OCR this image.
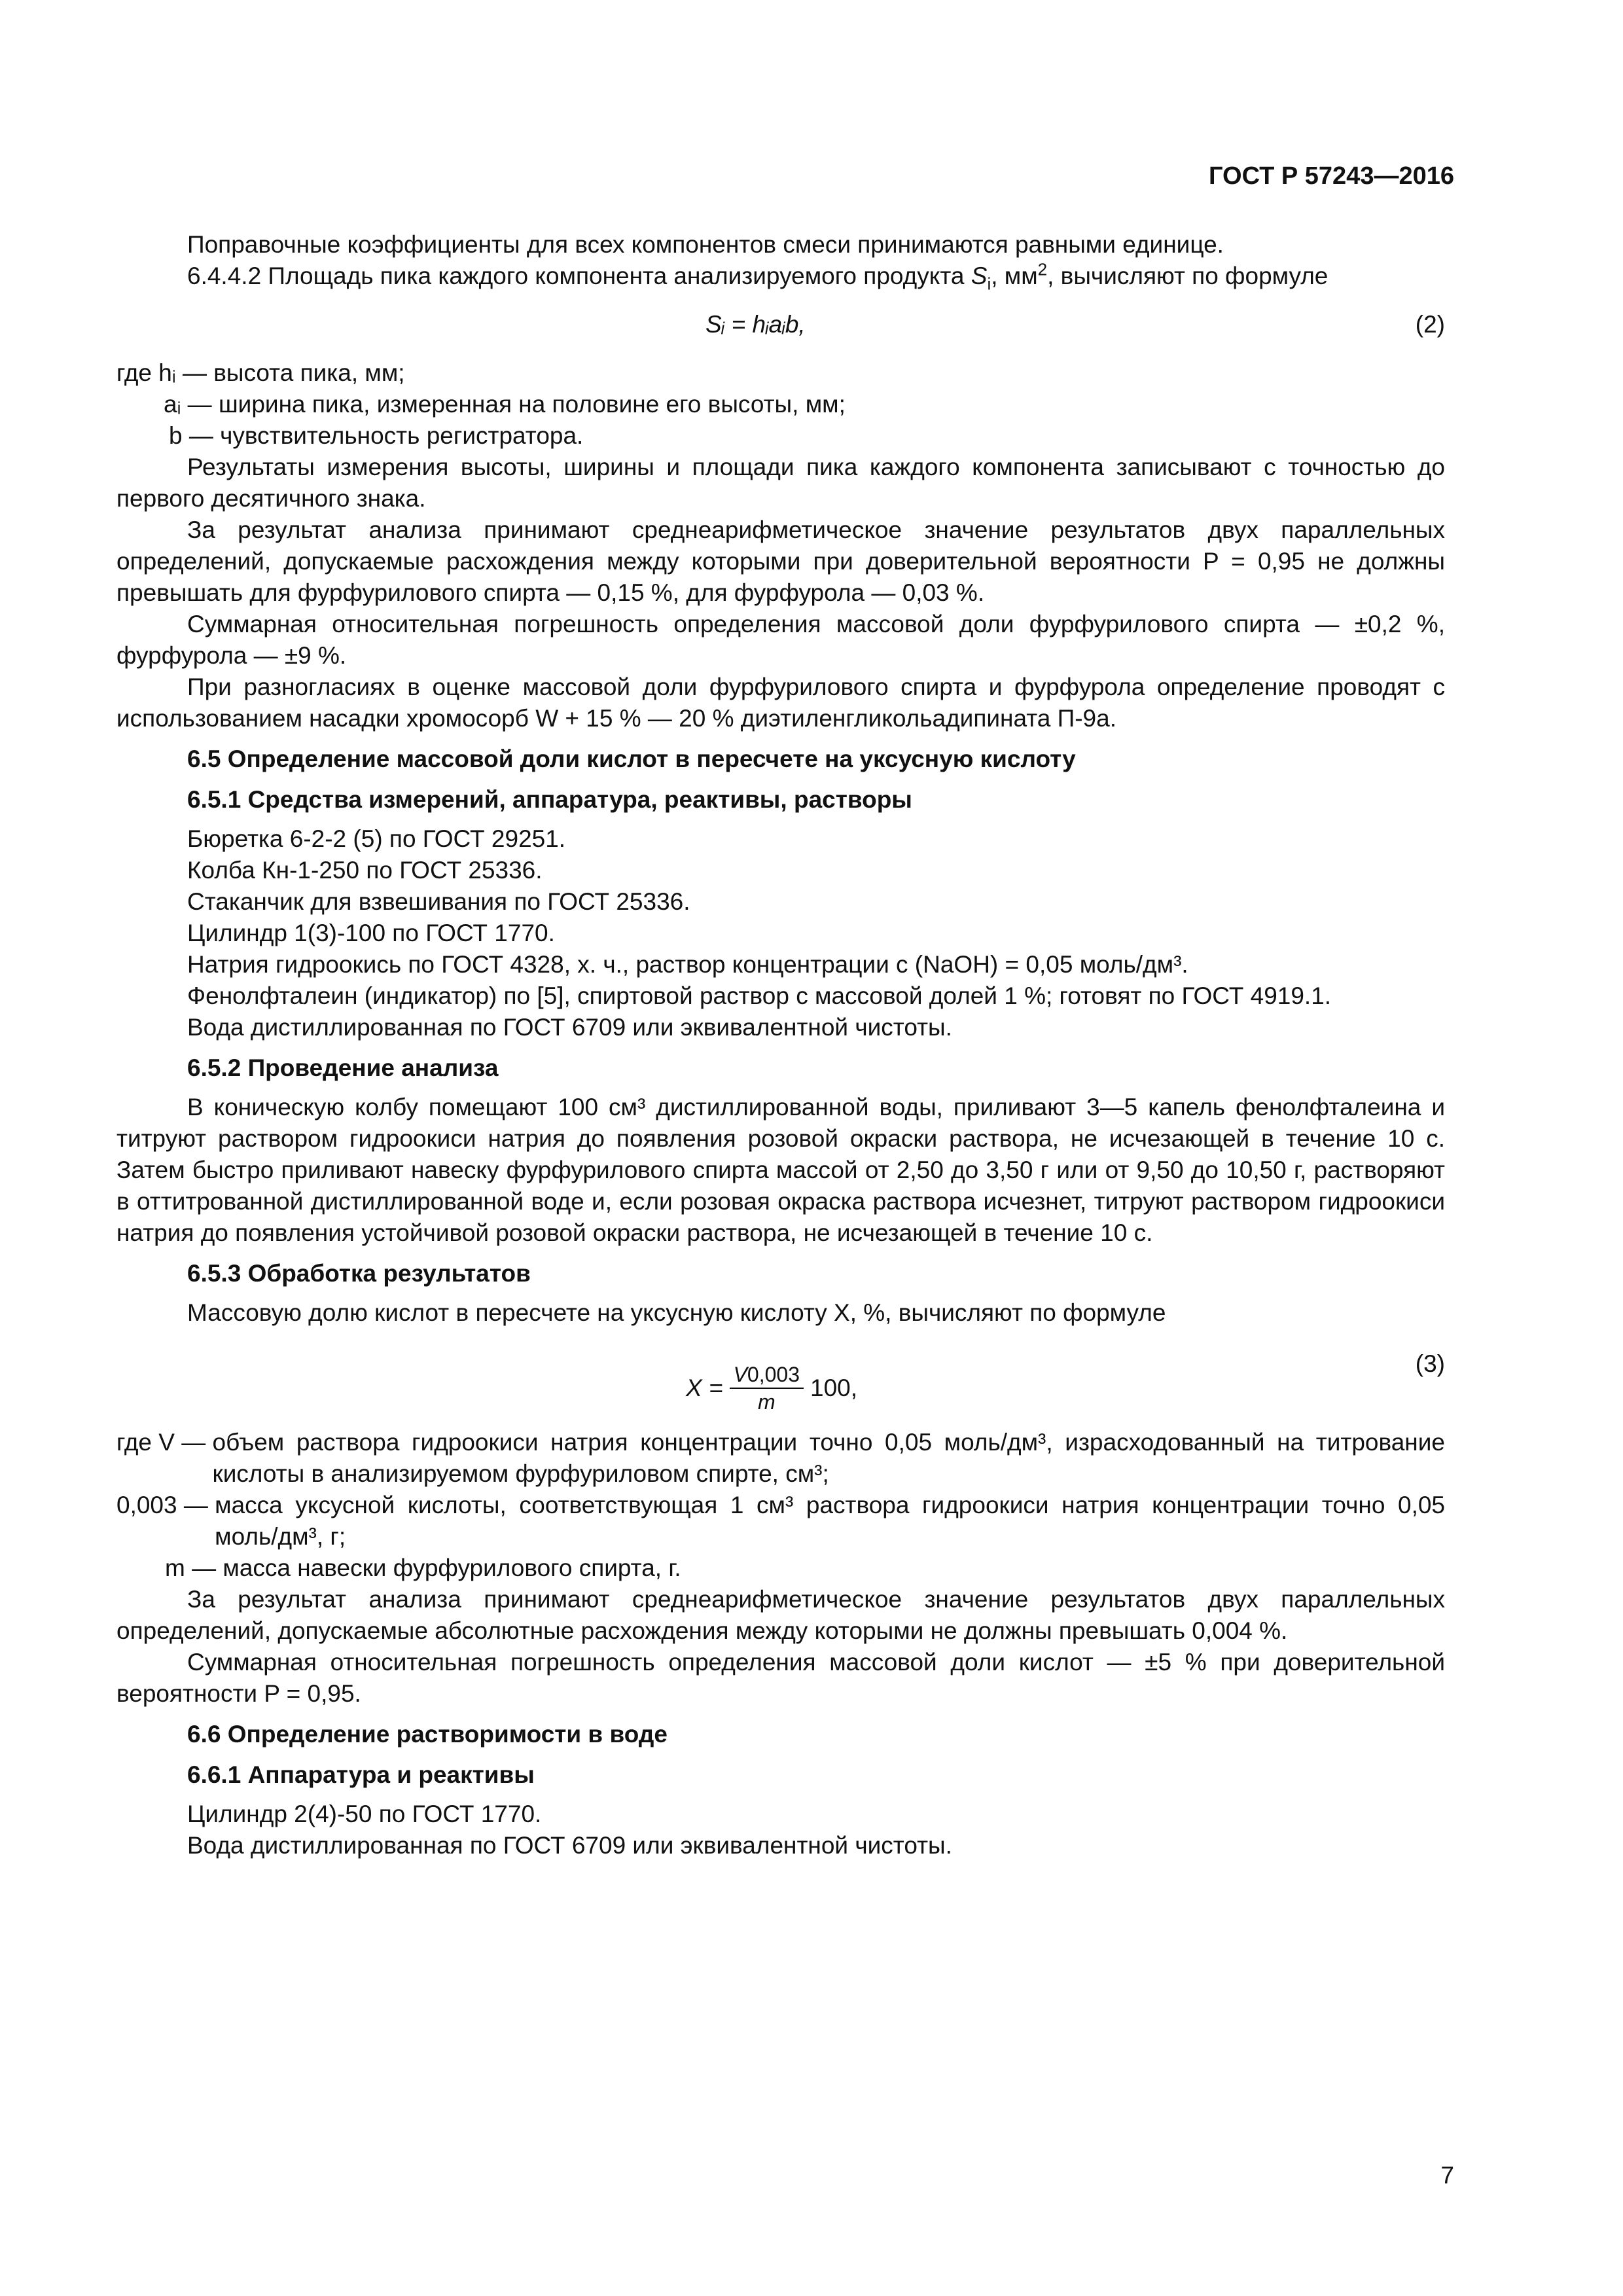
ГОСТ Р 57243—2016

Поправочные коэффициенты для всех компонентов смеси принимаются равными единице.

6.4.4.2 Площадь пика каждого компонента анализируемого продукта $S_i$, $мм^2$, вычисляют по формуле

Sᵢ = hᵢaᵢb,	(2)
где hᵢ —
высота пика, мм;
aᵢ —
ширина пика, измеренная на половине его высоты, мм;
b —
чувствительность регистратора.

Результаты измерения высоты, ширины и площади пика каждого компонента записывают с точностью до первого десятичного знака.

За результат анализа принимают среднеарифметическое значение результатов двух параллельных определений, допускаемые расхождения между которыми при доверительной вероятности P = 0,95 не должны превышать для фурфурилового спирта — 0,15 %, для фурфурола — 0,03 %.

Суммарная относительная погрешность определения массовой доли фурфурилового спирта — ±0,2 %, фурфурола — ±9 %.

При разногласиях в оценке массовой доли фурфурилового спирта и фурфурола определение проводят с использованием насадки хромосорб W + 15 % — 20 % диэтиленгликольадипината П-9а.

6.5 Определение массовой доли кислот в пересчете на уксусную кислоту
6.5.1 Средства измерений, аппаратура, реактивы, растворы

Бюретка 6-2-2 (5) по ГОСТ 29251.

Колба Кн-1-250 по ГОСТ 25336.

Стаканчик для взвешивания по ГОСТ 25336.

Цилиндр 1(3)-100 по ГОСТ 1770.

Натрия гидроокись по ГОСТ 4328, х. ч., раствор концентрации c (NaOH) = 0,05 моль/дм³.

Фенолфталеин (индикатор) по [5], спиртовой раствор с массовой долей 1 %; готовят по ГОСТ 4919.1.

Вода дистиллированная по ГОСТ 6709 или эквивалентной чистоты.

6.5.2 Проведение анализа

В коническую колбу помещают 100 см³ дистиллированной воды, приливают 3—5 капель фенолфталеина и титруют раствором гидроокиси натрия до появления розовой окраски раствора, не исчезающей в течение 10 с. Затем быстро приливают навеску фурфурилового спирта массой от 2,50 до 3,50 г или от 9,50 до 10,50 г, растворяют в оттитрованной дистиллированной воде и, если розовая окраска раствора исчезнет, титруют раствором гидроокиси натрия до появления устойчивой розовой окраски раствора, не исчезающей в течение 10 с.

6.5.3 Обработка результатов

Массовую долю кислот в пересчете на уксусную кислоту X, %, вычисляют по формуле

$X = \frac{V0,003}{m} 100$,
(3)
где V —
объем раствора гидроокиси натрия концентрации точно 0,05 моль/дм³, израсходованный на титрование кислоты в анализируемом фурфуриловом спирте, см³;
0,003 —
масса уксусной кислоты, соответствующая 1 см³ раствора гидроокиси натрия концентрации точно 0,05 моль/дм³, г;
m —
масса навески фурфурилового спирта, г.

За результат анализа принимают среднеарифметическое значение результатов двух параллельных определений, допускаемые абсолютные расхождения между которыми не должны превышать 0,004 %.

Суммарная относительная погрешность определения массовой доли кислот — ±5 % при доверительной вероятности P = 0,95.

6.6 Определение растворимости в воде
6.6.1 Аппаратура и реактивы

Цилиндр 2(4)-50 по ГОСТ 1770.

Вода дистиллированная по ГОСТ 6709 или эквивалентной чистоты.

7
